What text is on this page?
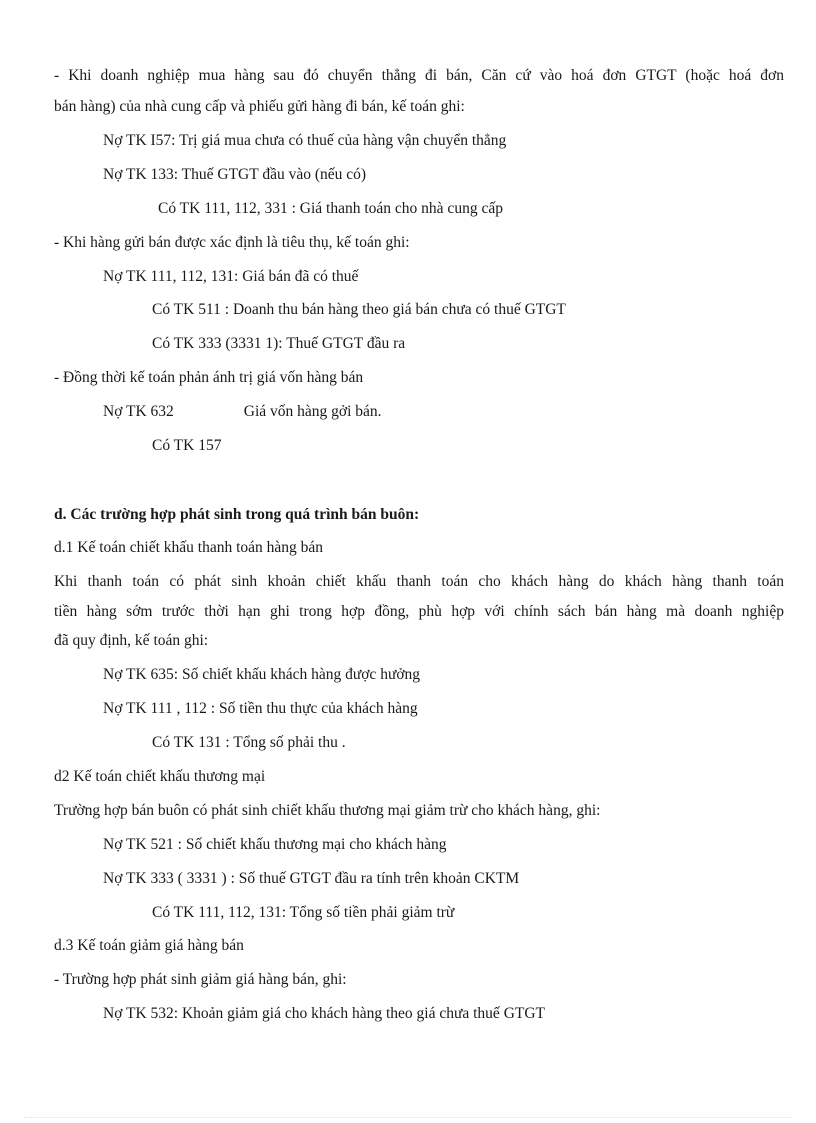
- Khi doanh nghiệp mua hàng sau đó chuyển thẳng đi bán, Căn cứ vào hoá đơn GTGT (hoặc hoá đơn
bán hàng) của nhà cung cấp và phiếu gửi hàng đi bán, kế toán ghi:
Nợ TK I57: Trị giá mua chưa có thuế của hàng vận chuyển thẳng
Nợ TK 133: Thuế GTGT đầu vào (nếu có)
Có TK 111, 112, 331 : Giá thanh toán cho nhà cung cấp
- Khi hàng gửi bán được xác định là tiêu thụ, kế toán ghi:
Nợ TK 111, 112, 131: Giá bán đã có thuế
Có TK 511 : Doanh thu bán hàng theo giá bán chưa có thuế GTGT
Có TK 333 (3331 1): Thuế GTGT đầu ra
- Đồng thời kế toán phản ánh trị giá vốn hàng bán
Nợ TK 632	Giá vốn hàng gởi bán.
Có TK 157
d. Các trường hợp phát sinh trong quá trình bán buôn:
d.1 Kế toán chiết khấu thanh toán hàng bán
Khi thanh toán có phát sinh khoản chiết khấu thanh toán cho khách hàng do khách hàng thanh toán
tiền hàng sớm trước thời hạn ghi trong hợp đồng, phù hợp với chính sách bán hàng mà doanh nghiệp
đã quy định, kế toán ghi:
Nợ TK 635: Số chiết khấu khách hàng được hưởng
Nợ TK 111 , 112 : Số tiền thu thực của khách hàng
Có TK 131 : Tổng số phải thu .
d2 Kế toán chiết khấu thương mại
Trường hợp bán buôn có phát sinh chiết khấu thương mại giảm trừ cho khách hàng, ghi:
Nợ TK 521 : Số chiết khấu thương mại cho khách hàng
Nợ TK 333 ( 3331 ) : Số thuế GTGT đầu ra tính trên khoản CKTM
Có TK 111, 112, 131: Tổng số tiền phải giảm trừ
d.3 Kế toán giảm giá hàng bán
- Trường hợp phát sinh giảm giá hàng bán, ghi:
Nợ TK 532: Khoản giảm giá cho khách hàng theo giá chưa thuế GTGT
